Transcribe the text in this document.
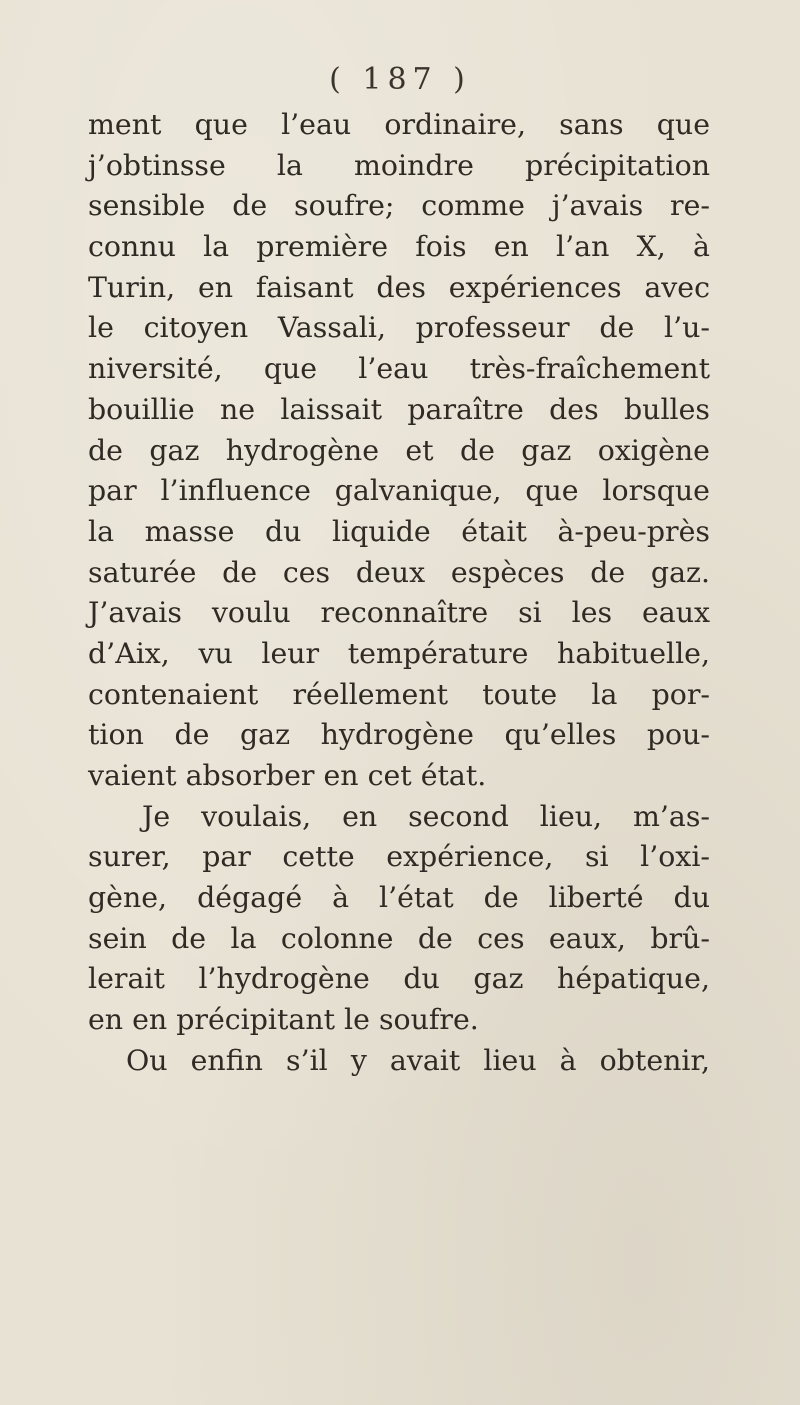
( 187 )
ment que l’eau ordinaire, sans que
j’obtinsse la moindre précipitation
sensible de soufre; comme j’avais re-
connu la première fois en l’an X, à
Turin, en faisant des expériences avec
le citoyen Vassali, professeur de l’u-
niversité, que l’eau très-fraîchement
bouillie ne laissait paraître des bulles
de gaz hydrogène et de gaz oxigène
par l’influence galvanique, que lorsque
la masse du liquide était à-peu-près
saturée de ces deux espèces de gaz.
J’avais voulu reconnaître si les eaux
d’Aix, vu leur température habituelle,
contenaient réellement toute la por-
tion de gaz hydrogène qu’elles pou-
vaient absorber en cet état.
Je voulais, en second lieu, m’as-
surer, par cette expérience, si l’oxi-
gène, dégagé à l’état de liberté du
sein de la colonne de ces eaux, brû-
lerait l’hydrogène du gaz hépatique,
en en précipitant le soufre.
Ou enfin s’il y avait lieu à obtenir,
